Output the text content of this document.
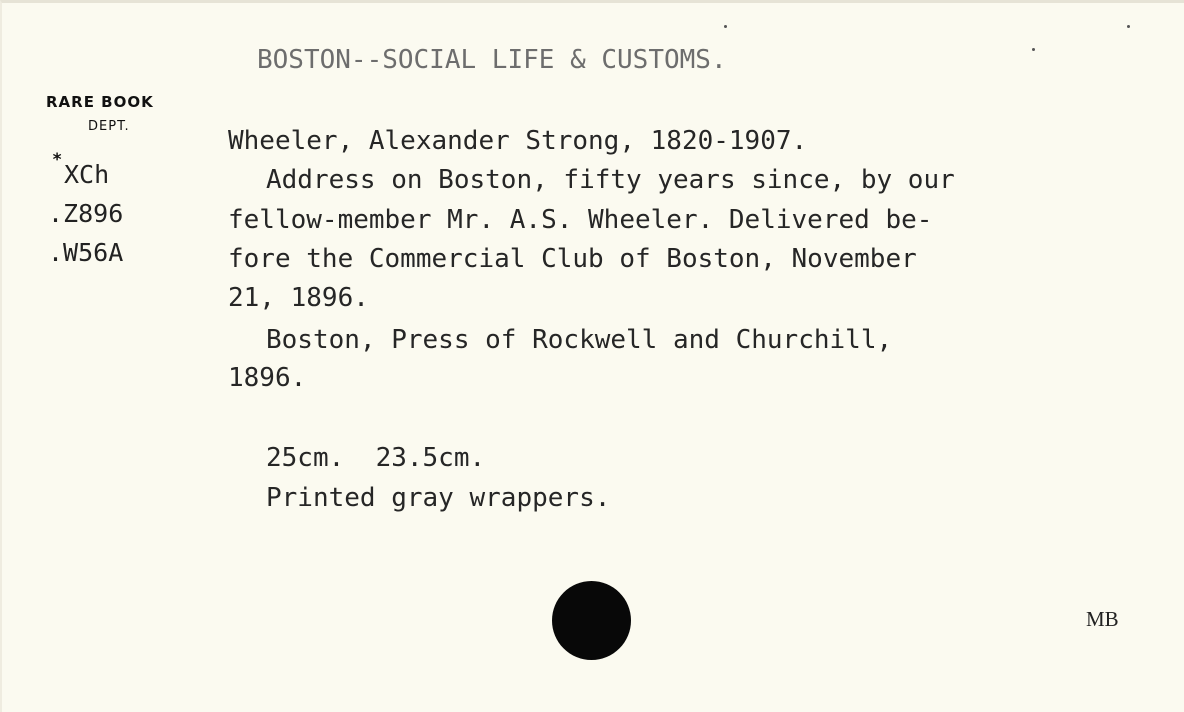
BOSTON--SOCIAL LIFE & CUSTOMS.
RARE BOOK
DEPT.
* XCh
.Z896
.W56A
Wheeler, Alexander Strong, 1820-1907.
Address on Boston, fifty years since, by our
fellow-member Mr. A.S. Wheeler. Delivered be-
fore the Commercial Club of Boston, November
21, 1896.
Boston, Press of Rockwell and Churchill,
1896.
25cm.  23.5cm.
Printed gray wrappers.
MB
